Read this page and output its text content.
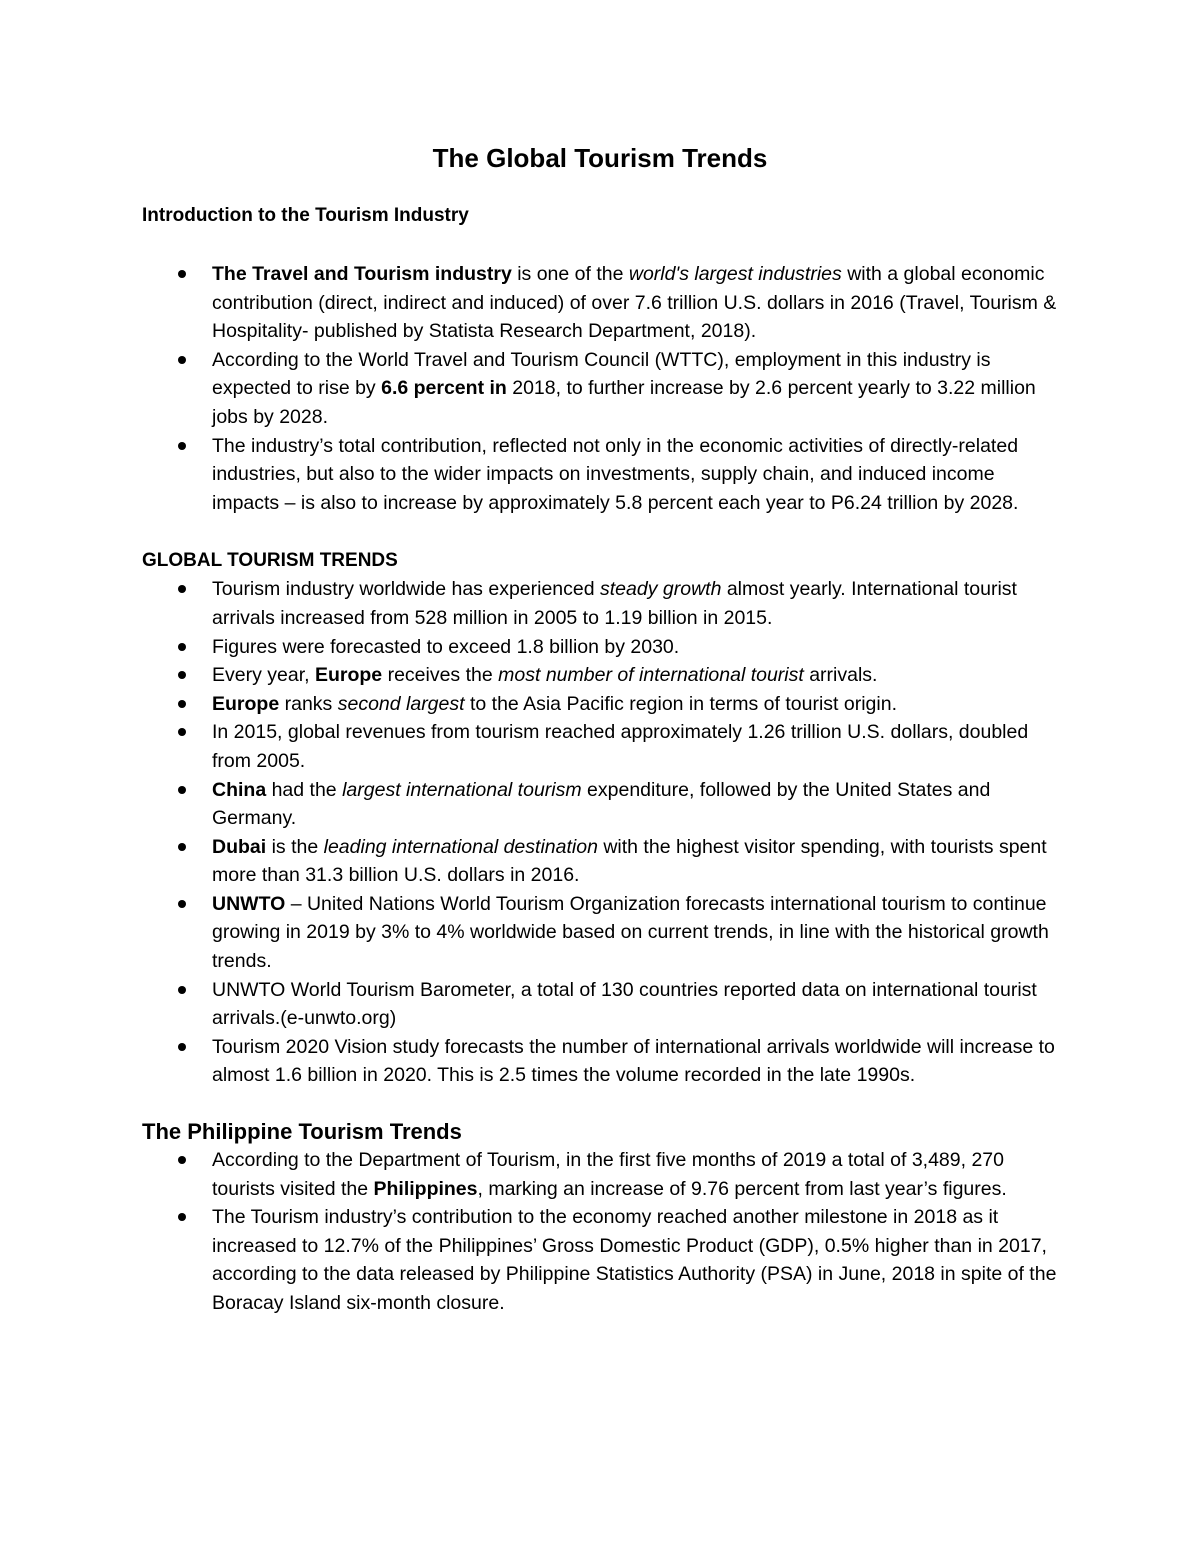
The Global Tourism Trends
Introduction to the Tourism Industry
The Travel and Tourism industry is one of the world's largest industries with a global economic contribution (direct, indirect and induced) of over 7.6 trillion U.S. dollars in 2016 (Travel, Tourism & Hospitality- published by Statista Research Department, 2018).
According to the World Travel and Tourism Council (WTTC), employment in this industry is expected to rise by 6.6 percent in 2018, to further increase by 2.6 percent yearly to 3.22 million jobs by 2028.
The industry’s total contribution, reflected not only in the economic activities of directly-related industries, but also to the wider impacts on investments, supply chain, and induced income impacts – is also to increase by approximately 5.8 percent each year to P6.24 trillion by 2028.
GLOBAL TOURISM TRENDS
Tourism industry worldwide has experienced steady growth almost yearly. International tourist arrivals increased from 528 million in 2005 to 1.19 billion in 2015.
Figures were forecasted to exceed 1.8 billion by 2030.
Every year, Europe receives the most number of international tourist arrivals.
Europe ranks second largest to the Asia Pacific region in terms of tourist origin.
In 2015, global revenues from tourism reached approximately 1.26 trillion U.S. dollars, doubled from 2005.
China had the largest international tourism expenditure, followed by the United States and Germany.
Dubai is the leading international destination with the highest visitor spending, with tourists spent more than 31.3 billion U.S. dollars in 2016.
UNWTO – United Nations World Tourism Organization forecasts international tourism to continue growing in 2019 by 3% to 4% worldwide based on current trends, in line with the historical growth trends.
UNWTO World Tourism Barometer, a total of 130 countries reported data on international tourist arrivals.(e-unwto.org)
Tourism 2020 Vision study forecasts the number of international arrivals worldwide will increase to almost 1.6 billion in 2020. This is 2.5 times the volume recorded in the late 1990s.
The Philippine Tourism Trends
According to the Department of Tourism, in the first five months of 2019 a total of 3,489, 270 tourists visited the Philippines, marking an increase of 9.76 percent from last year’s figures.
The Tourism industry’s contribution to the economy reached another milestone in 2018 as it increased to 12.7% of the Philippines’ Gross Domestic Product (GDP), 0.5% higher than in 2017, according to the data released by Philippine Statistics Authority (PSA) in June, 2018 in spite of the Boracay Island six-month closure.
